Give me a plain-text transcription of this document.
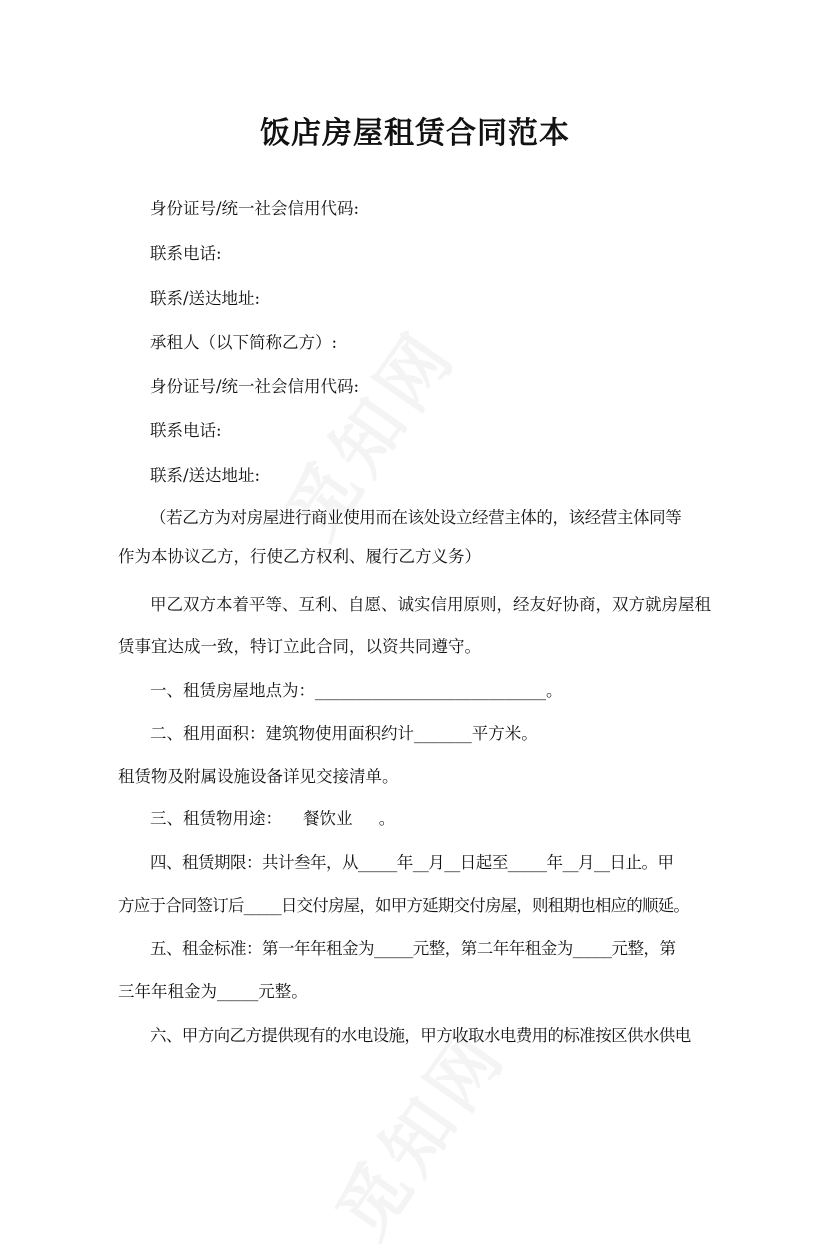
饭店房屋租赁合同范本
身份证号/统一社会信用代码:
联系电话:
联系/送达地址:
承租人（以下简称乙方）:
身份证号/统一社会信用代码:
联系电话:
联系/送达地址:
（若乙方为对房屋进行商业使用而在该处设立经营主体的，该经营主体同等
作为本协议乙方，行使乙方权利、履行乙方义务）
甲乙双方本着平等、互利、自愿、诚实信用原则，经友好协商，双方就房屋租
赁事宜达成一致，特订立此合同，以资共同遵守。
一、租赁房屋地点为：____________________________。
二、租用面积：建筑物使用面积约计_______平方米。
租赁物及附属设施设备详见交接清单。
三、租赁物用途：    餐饮业     。
四、租赁期限：共计叁年，从_____年__月__日起至_____年__月__日止。甲
方应于合同签订后_____日交付房屋，如甲方延期交付房屋，则租期也相应的顺延。
五、租金标准：第一年年租金为_____元整，第二年年租金为_____元整，第
三年年租金为_____元整。
六、甲方向乙方提供现有的水电设施，甲方收取水电费用的标准按区供水供电
